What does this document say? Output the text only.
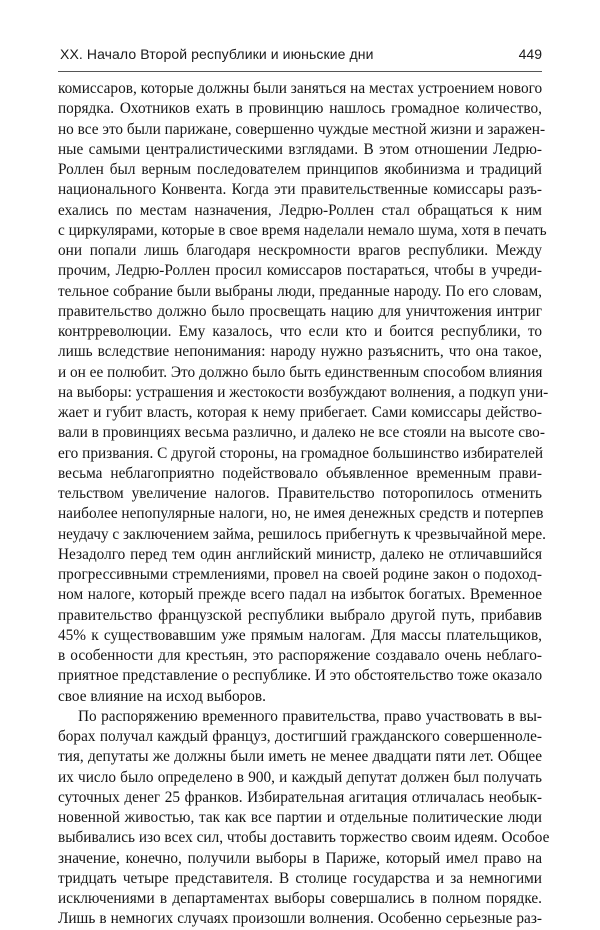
XX. Начало Второй республики и июньские дни	449
комиссаров, которые должны были заняться на местах устроением нового
порядка. Охотников ехать в провинцию нашлось громадное количество,
но все это были парижане, совершенно чуждые местной жизни и заражен-
ные самыми централистическими взглядами. В этом отношении Ледрю-
Роллен был верным последователем принципов якобинизма и традиций
национального Конвента. Когда эти правительственные комиссары разъ-
ехались по местам назначения, Ледрю-Роллен стал обращаться к ним
с циркулярами, которые в свое время наделали немало шума, хотя в печать
они попали лишь благодаря нескромности врагов республики. Между
прочим, Ледрю-Роллен просил комиссаров постараться, чтобы в учреди-
тельное собрание были выбраны люди, преданные народу. По его словам,
правительство должно было просвещать нацию для уничтожения интриг
контрреволюции. Ему казалось, что если кто и боится республики, то
лишь вследствие непонимания: народу нужно разъяснить, что она такое,
и он ее полюбит. Это должно было быть единственным способом влияния
на выборы: устрашения и жестокости возбуждают волнения, а подкуп уни-
жает и губит власть, которая к нему прибегает. Сами комиссары действо-
вали в провинциях весьма различно, и далеко не все стояли на высоте сво-
его призвания. С другой стороны, на громадное большинство избирателей
весьма неблагоприятно подействовало объявленное временным прави-
тельством увеличение налогов. Правительство поторопилось отменить
наиболее непопулярные налоги, но, не имея денежных средств и потерпев
неудачу с заключением займа, решилось прибегнуть к чрезвычайной мере.
Незадолго перед тем один английский министр, далеко не отличавшийся
прогрессивными стремлениями, провел на своей родине закон о подоход-
ном налоге, который прежде всего падал на избыток богатых. Временное
правительство французской республики выбрало другой путь, прибавив
45% к существовавшим уже прямым налогам. Для массы плательщиков,
в особенности для крестьян, это распоряжение создавало очень неблаго-
приятное представление о республике. И это обстоятельство тоже оказало
свое влияние на исход выборов.
По распоряжению временного правительства, право участвовать в вы-
борах получал каждый француз, достигший гражданского совершенноле-
тия, депутаты же должны были иметь не менее двадцати пяти лет. Общее
их число было определено в 900, и каждый депутат должен был получать
суточных денег 25 франков. Избирательная агитация отличалась необык-
новенной живостью, так как все партии и отдельные политические люди
выбивались изо всех сил, чтобы доставить торжество своим идеям. Особое
значение, конечно, получили выборы в Париже, который имел право на
тридцать четыре представителя. В столице государства и за немногими
исключениями в департаментах выборы совершались в полном порядке.
Лишь в немногих случаях произошли волнения. Особенно серьезные раз-
